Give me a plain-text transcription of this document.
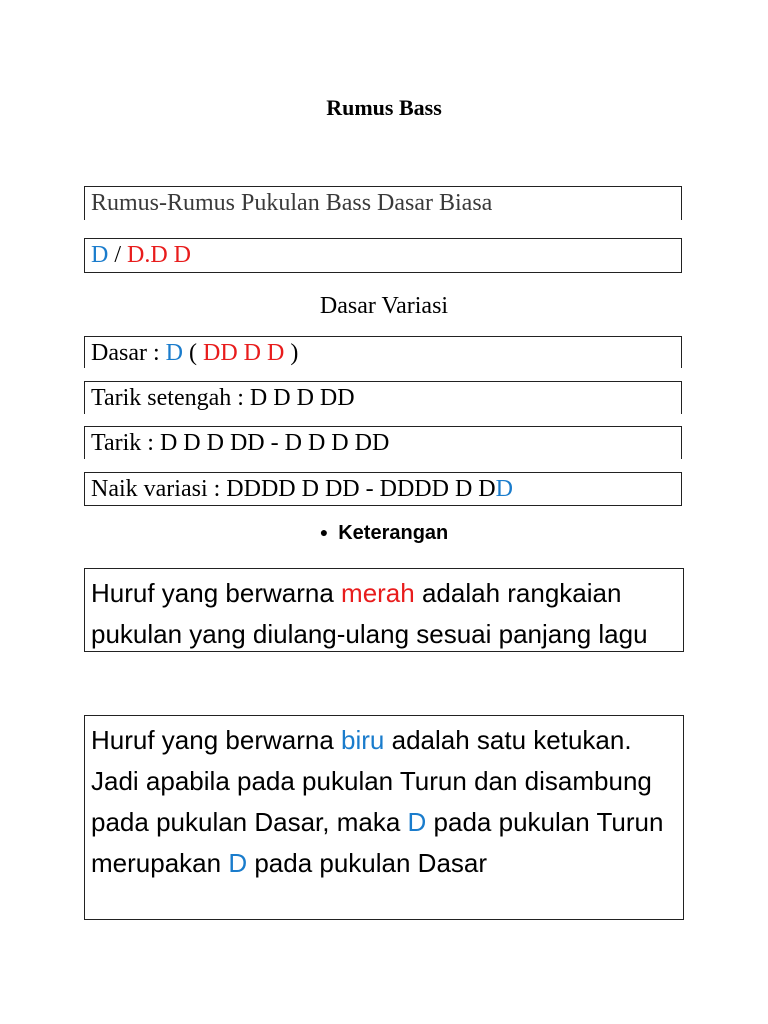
Rumus Bass
Rumus-Rumus Pukulan Bass Dasar Biasa
D / D.D D
Dasar Variasi
Dasar : D ( DD D D )
Tarik setengah : D D D DD
Tarik : D D D DD - D D D DD
Naik variasi : DDDD D DD - DDDD D DD
● Keterangan
Huruf yang berwarna merah adalah rangkaian pukulan yang diulang-ulang sesuai panjang lagu
Huruf yang berwarna biru adalah satu ketukan. Jadi apabila pada pukulan Turun dan disambung pada pukulan Dasar, maka D pada pukulan Turun merupakan D pada pukulan Dasar
